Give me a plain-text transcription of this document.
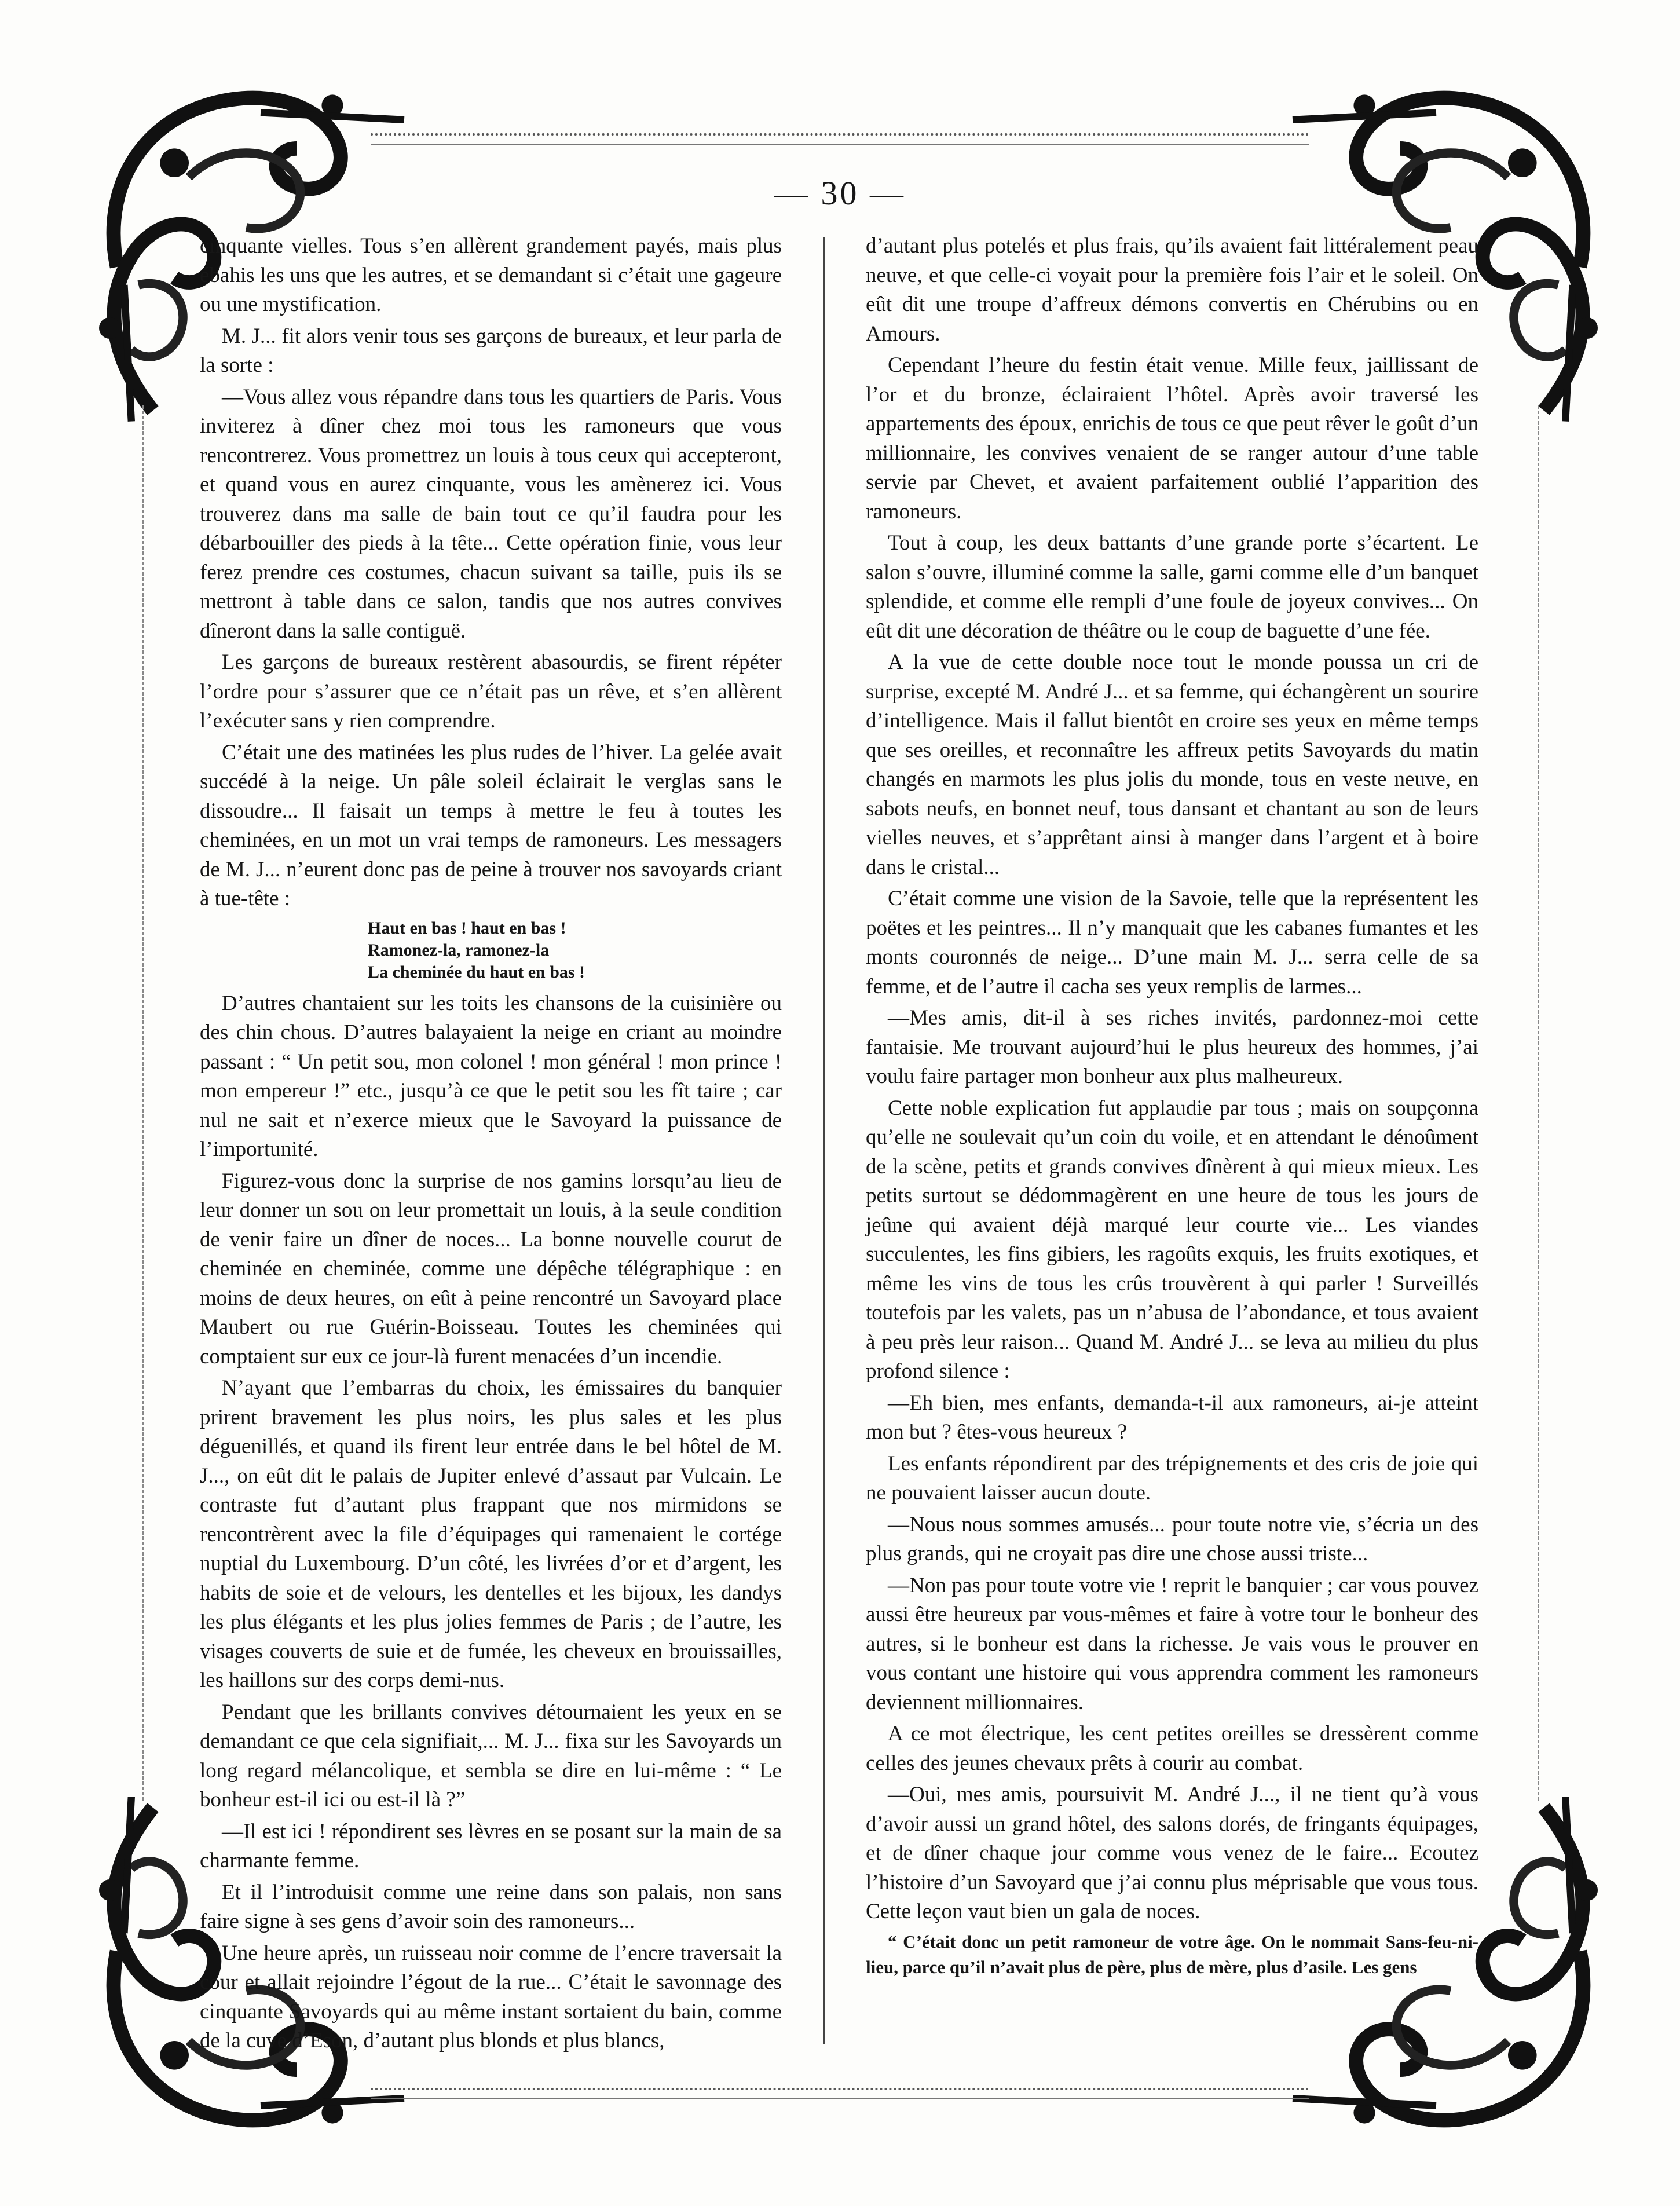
— 30 —

cinquante vielles. Tous s’en allèrent grandement payés, mais plus ébahis les uns que les autres, et se demandant si c’était une gageure ou une mystification.

M. J... fit alors venir tous ses garçons de bureaux, et leur parla de la sorte :

—Vous allez vous répandre dans tous les quartiers de Paris. Vous inviterez à dîner chez moi tous les ramoneurs que vous rencontrerez. Vous promettrez un louis à tous ceux qui accepteront, et quand vous en aurez cinquante, vous les amènerez ici. Vous trouverez dans ma salle de bain tout ce qu’il faudra pour les débarbouiller des pieds à la tête... Cette opération finie, vous leur ferez prendre ces costumes, chacun suivant sa taille, puis ils se mettront à table dans ce salon, tandis que nos autres convives dîneront dans la salle contiguë.

Les garçons de bureaux restèrent abasourdis, se firent répéter l’ordre pour s’assurer que ce n’était pas un rêve, et s’en allèrent l’exécuter sans y rien comprendre.

C’était une des matinées les plus rudes de l’hiver. La gelée avait succédé à la neige. Un pâle soleil éclairait le verglas sans le dissoudre... Il faisait un temps à mettre le feu à toutes les cheminées, en un mot un vrai temps de ramoneurs. Les messagers de M. J... n’eurent donc pas de peine à trouver nos savoyards criant à tue-tête :

Haut en bas ! haut en bas !
Ramonez-la, ramonez-la
La cheminée du haut en bas !

D’autres chantaient sur les toits les chansons de la cuisinière ou des chin chous. D’autres balayaient la neige en criant au moindre passant : “ Un petit sou, mon colonel ! mon général ! mon prince ! mon empereur !” etc., jusqu’à ce que le petit sou les fît taire ; car nul ne sait et n’exerce mieux que le Savoyard la puissance de l’importunité.

Figurez-vous donc la surprise de nos gamins lorsqu’au lieu de leur donner un sou on leur promettait un louis, à la seule condition de venir faire un dîner de noces... La bonne nouvelle courut de cheminée en cheminée, comme une dépêche télégraphique : en moins de deux heures, on eût à peine rencontré un Savoyard place Maubert ou rue Guérin-Boisseau. Toutes les cheminées qui comptaient sur eux ce jour-là furent menacées d’un incendie.

N’ayant que l’embarras du choix, les émissaires du banquier prirent bravement les plus noirs, les plus sales et les plus déguenillés, et quand ils firent leur entrée dans le bel hôtel de M. J..., on eût dit le palais de Jupiter enlevé d’assaut par Vulcain. Le contraste fut d’autant plus frappant que nos mirmidons se rencontrèrent avec la file d’équipages qui ramenaient le cortége nuptial du Luxembourg. D’un côté, les livrées d’or et d’argent, les habits de soie et de velours, les dentelles et les bijoux, les dandys les plus élégants et les plus jolies femmes de Paris ; de l’autre, les visages couverts de suie et de fumée, les cheveux en brouissailles, les haillons sur des corps demi-nus.

Pendant que les brillants convives détournaient les yeux en se demandant ce que cela signifiait,... M. J... fixa sur les Savoyards un long regard mélancolique, et sembla se dire en lui-même : “ Le bonheur est-il ici ou est-il là ?”

—Il est ici ! répondirent ses lèvres en se posant sur la main de sa charmante femme.

Et il l’introduisit comme une reine dans son palais, non sans faire signe à ses gens d’avoir soin des ramoneurs...

Une heure après, un ruisseau noir comme de l’encre traversait la cour et allait rejoindre l’égout de la rue... C’était le savonnage des cinquante Savoyards qui au même instant sortaient du bain, comme de la cuve d’Eson, d’autant plus blonds et plus blancs,

d’autant plus potelés et plus frais, qu’ils avaient fait littéralement peau neuve, et que celle-ci voyait pour la première fois l’air et le soleil. On eût dit une troupe d’affreux démons convertis en Chérubins ou en Amours.

Cependant l’heure du festin était venue. Mille feux, jaillissant de l’or et du bronze, éclairaient l’hôtel. Après avoir traversé les appartements des époux, enrichis de tous ce que peut rêver le goût d’un millionnaire, les convives venaient de se ranger autour d’une table servie par Chevet, et avaient parfaitement oublié l’apparition des ramoneurs.

Tout à coup, les deux battants d’une grande porte s’écartent. Le salon s’ouvre, illuminé comme la salle, garni comme elle d’un banquet splendide, et comme elle rempli d’une foule de joyeux convives... On eût dit une décoration de théâtre ou le coup de baguette d’une fée.

A la vue de cette double noce tout le monde poussa un cri de surprise, excepté M. André J... et sa femme, qui échangèrent un sourire d’intelligence. Mais il fallut bientôt en croire ses yeux en même temps que ses oreilles, et reconnaître les affreux petits Savoyards du matin changés en marmots les plus jolis du monde, tous en veste neuve, en sabots neufs, en bonnet neuf, tous dansant et chantant au son de leurs vielles neuves, et s’apprêtant ainsi à manger dans l’argent et à boire dans le cristal...

C’était comme une vision de la Savoie, telle que la représentent les poëtes et les peintres... Il n’y manquait que les cabanes fumantes et les monts couronnés de neige... D’une main M. J... serra celle de sa femme, et de l’autre il cacha ses yeux remplis de larmes...

—Mes amis, dit-il à ses riches invités, pardonnez-moi cette fantaisie. Me trouvant aujourd’hui le plus heureux des hommes, j’ai voulu faire partager mon bonheur aux plus malheureux.

Cette noble explication fut applaudie par tous ; mais on soupçonna qu’elle ne soulevait qu’un coin du voile, et en attendant le dénoûment de la scène, petits et grands convives dînèrent à qui mieux mieux. Les petits surtout se dédommagèrent en une heure de tous les jours de jeûne qui avaient déjà marqué leur courte vie... Les viandes succulentes, les fins gibiers, les ragoûts exquis, les fruits exotiques, et même les vins de tous les crûs trouvèrent à qui parler ! Surveillés toutefois par les valets, pas un n’abusa de l’abondance, et tous avaient à peu près leur raison... Quand M. André J... se leva au milieu du plus profond silence :

—Eh bien, mes enfants, demanda-t-il aux ramoneurs, ai-je atteint mon but ? êtes-vous heureux ?

Les enfants répondirent par des trépignements et des cris de joie qui ne pouvaient laisser aucun doute.

—Nous nous sommes amusés... pour toute notre vie, s’écria un des plus grands, qui ne croyait pas dire une chose aussi triste...

—Non pas pour toute votre vie ! reprit le banquier ; car vous pouvez aussi être heureux par vous-mêmes et faire à votre tour le bonheur des autres, si le bonheur est dans la richesse. Je vais vous le prouver en vous contant une histoire qui vous apprendra comment les ramoneurs deviennent millionnaires.

A ce mot électrique, les cent petites oreilles se dressèrent comme celles des jeunes chevaux prêts à courir au combat.

—Oui, mes amis, poursuivit M. André J..., il ne tient qu’à vous d’avoir aussi un grand hôtel, des salons dorés, de fringants équipages, et de dîner chaque jour comme vous venez de le faire... Ecoutez l’histoire d’un Savoyard que j’ai connu plus méprisable que vous tous. Cette leçon vaut bien un gala de noces.

“ C’était donc un petit ramoneur de votre âge. On le nommait Sans-feu-ni-lieu, parce qu’il n’avait plus de père, plus de mère, plus d’asile. Les gens
